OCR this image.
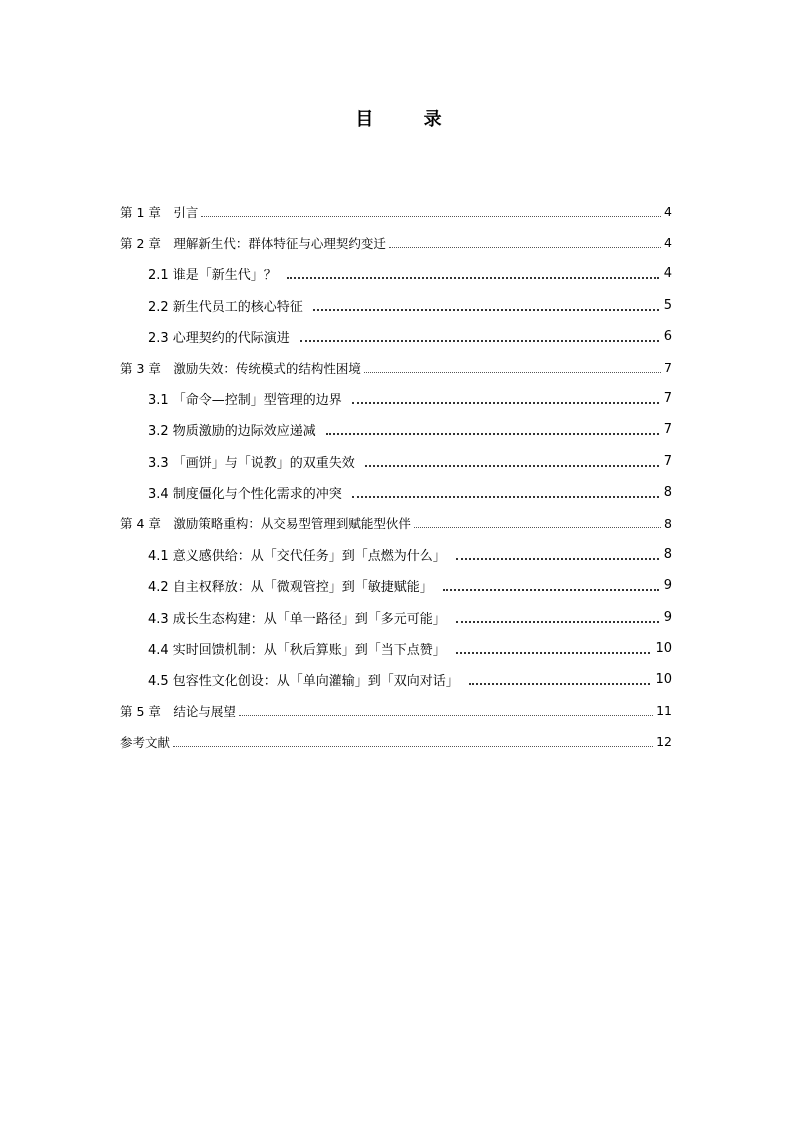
目 录
第 1 章　引言	4
第 2 章　理解新生代：群体特征与心理契约变迁	4
2.1 谁是「新生代」？	4
2.2 新生代员工的核心特征	5
2.3 心理契约的代际演进	6
第 3 章　激励失效：传统模式的结构性困境	7
3.1 「命令—控制」型管理的边界	7
3.2 物质激励的边际效应递减	7
3.3 「画饼」与「说教」的双重失效	7
3.4 制度僵化与个性化需求的冲突	8
第 4 章　激励策略重构：从交易型管理到赋能型伙伴	8
4.1 意义感供给：从「交代任务」到「点燃为什么」	8
4.2 自主权释放：从「微观管控」到「敏捷赋能」	9
4.3 成长生态构建：从「单一路径」到「多元可能」	9
4.4 实时回馈机制：从「秋后算账」到「当下点赞」	10
4.5 包容性文化创设：从「单向灌输」到「双向对话」	10
第 5 章　结论与展望	11
参考文献	12
